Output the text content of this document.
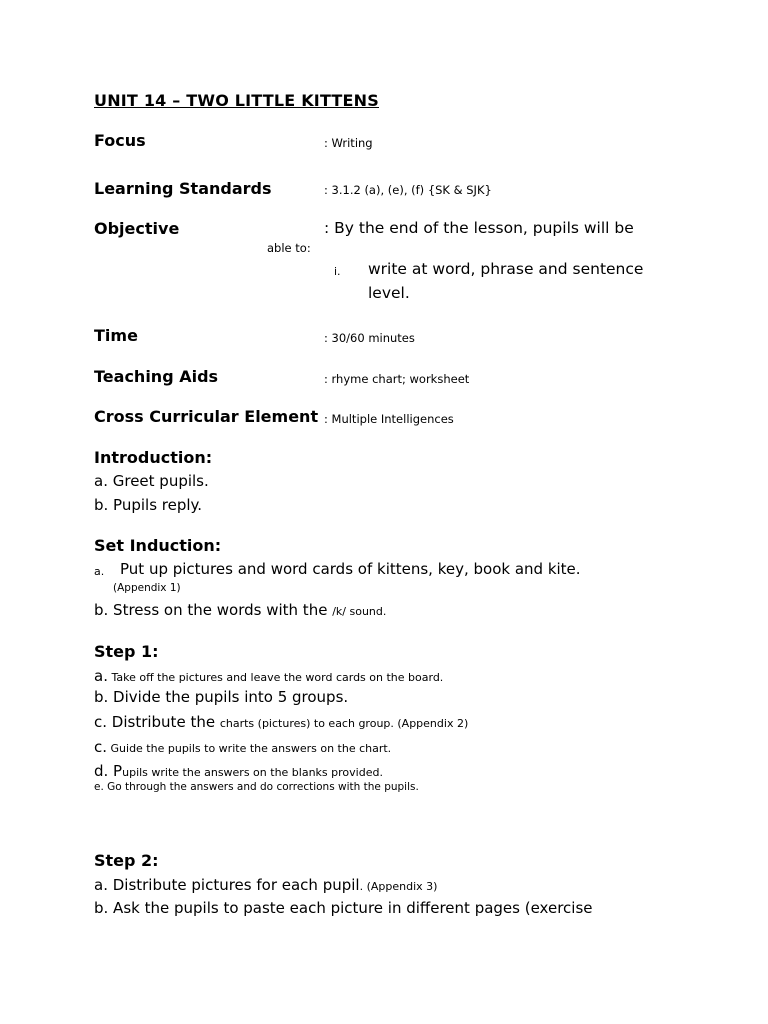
UNIT 14 – TWO LITTLE KITTENS
Focus	: Writing
Learning Standards	: 3.1.2 (a), (e), (f) {SK & SJK}
Objective	: By the end of the lesson, pupils will be
able to:
i. write at word, phrase and sentence
level.
Time	: 30/60 minutes
Teaching Aids	: rhyme chart; worksheet
Cross Curricular Element : Multiple Intelligences
Introduction:
a. Greet pupils.
b. Pupils reply.
Set Induction:
a. Put up pictures and word cards of kittens, key, book and kite.
(Appendix 1)
b. Stress on the words with the /k/ sound.
Step 1:
a. Take off the pictures and leave the word cards on the board.
b. Divide the pupils into 5 groups.
c. Distribute the charts (pictures) to each group. (Appendix 2)
c. Guide the pupils to write the answers on the chart.
d. Pupils write the answers on the blanks provided.
e. Go through the answers and do corrections with the pupils.
Step 2:
a. Distribute pictures for each pupil. (Appendix 3)
b. Ask the pupils to paste each picture in different pages (exercise
